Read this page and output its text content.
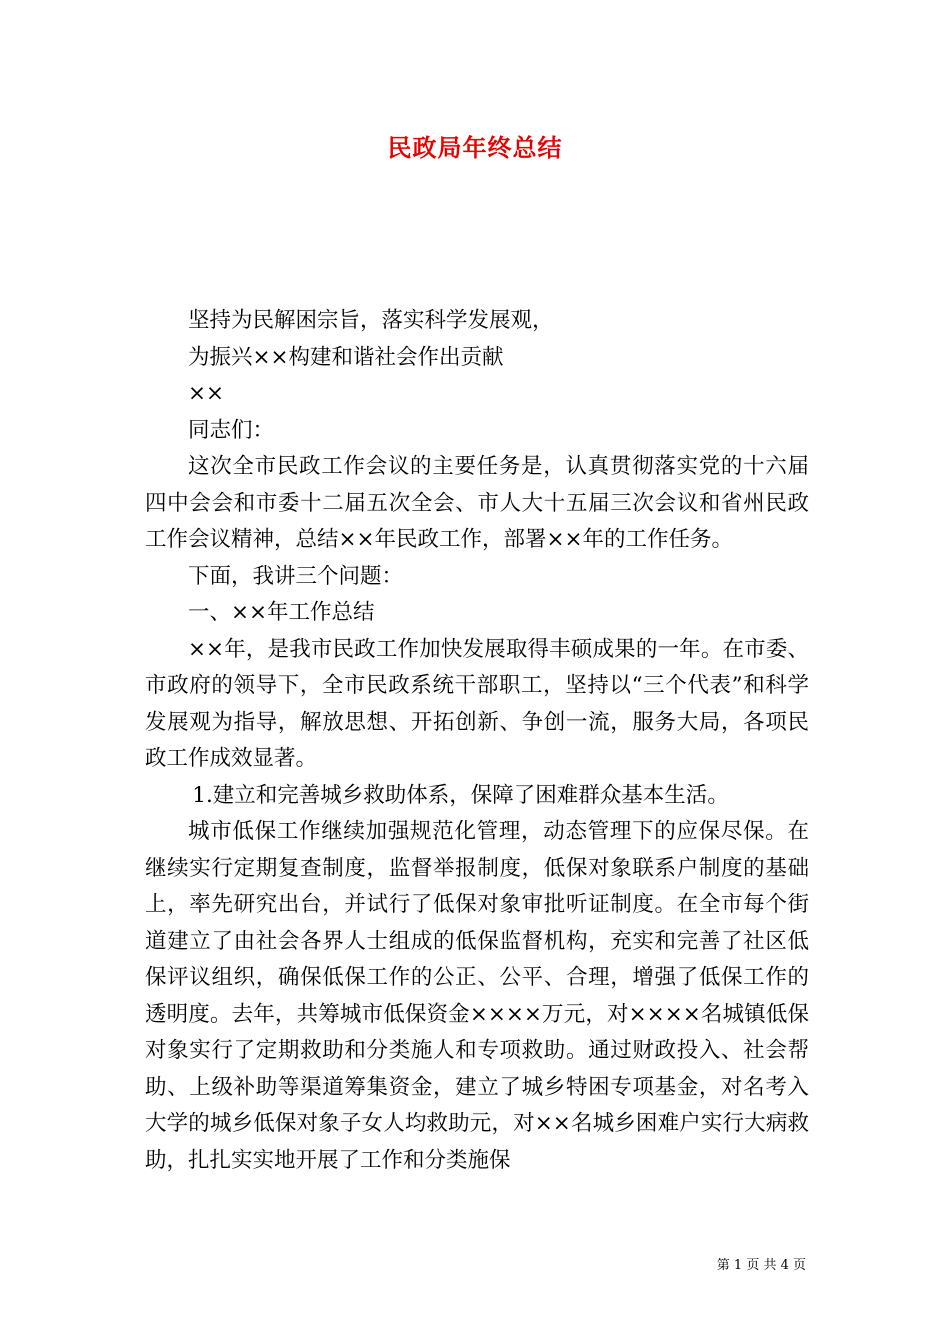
民政局年终总结

坚持为民解困宗旨，落实科学发展观，

为振兴××构建和谐社会作出贡献

××

同志们：

这次全市民政工作会议的主要任务是，认真贯彻落实党的十六届四中会会和市委十二届五次全会、市人大十五届三次会议和省州民政工作会议精神，总结××年民政工作，部署××年的工作任务。

下面，我讲三个问题：

一、××年工作总结

××年，是我市民政工作加快发展取得丰硕成果的一年。在市委、市政府的领导下，全市民政系统干部职工，坚持以“三个代表”和科学发展观为指导，解放思想、开拓创新、争创一流，服务大局，各项民政工作成效显著。

1.建立和完善城乡救助体系，保障了困难群众基本生活。

城市低保工作继续加强规范化管理，动态管理下的应保尽保。在继续实行定期复查制度，监督举报制度，低保对象联系户制度的基础上，率先研究出台，并试行了低保对象审批听证制度。在全市每个街道建立了由社会各界人士组成的低保监督机构，充实和完善了社区低保评议组织，确保低保工作的公正、公平、合理，增强了低保工作的透明度。去年，共筹城市低保资金××××万元，对××××名城镇低保对象实行了定期救助和分类施人和专项救助。通过财政投入、社会帮助、上级补助等渠道筹集资金，建立了城乡特困专项基金，对名考入大学的城乡低保对象子女人均救助元，对××名城乡困难户实行大病救助，扎扎实实地开展了工作和分类施保

第 1 页 共 4 页
